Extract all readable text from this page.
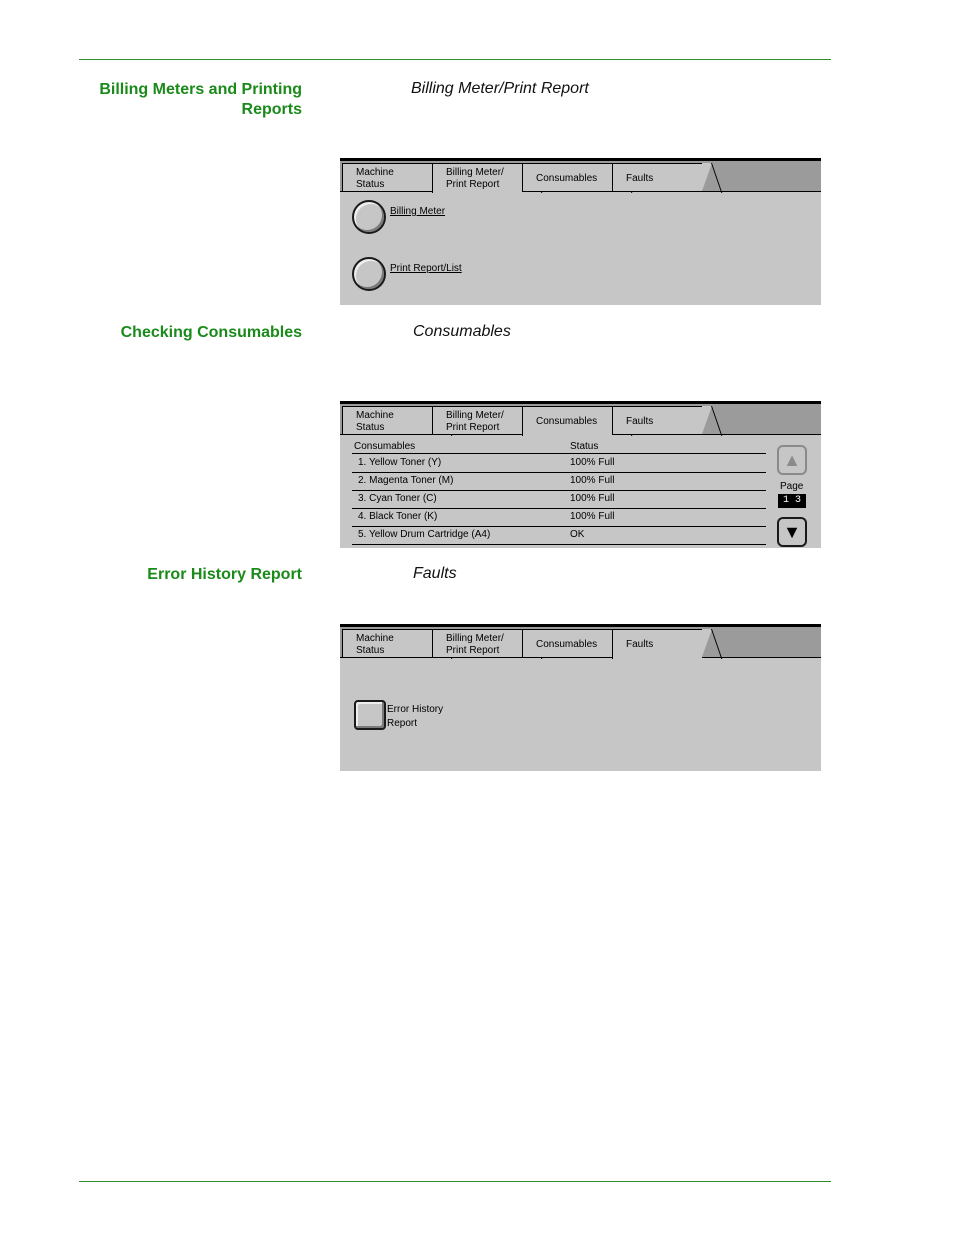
Billing Meters and Printing
Reports
Billing Meter/Print Report
Machine
Status
Billing Meter/
Print Report
Consumables	Faults
Billing Meter
Print Report/List
Checking Consumables	Consumables
Machine
Status
Billing Meter/
Print Report
Consumables	Faults
Consumables	Status
1. Yellow Toner (Y)	100% Full
2. Magenta Toner (M)	100% Full
3. Cyan Toner (C)	100% Full
4. Black Toner (K)	100% Full
5. Yellow Drum Cartridge (A4)	OK
▲
Page
1 3
▼
Error History Report	Faults
Machine
Status
Billing Meter/
Print Report
Consumables	Faults
Error History
Report
